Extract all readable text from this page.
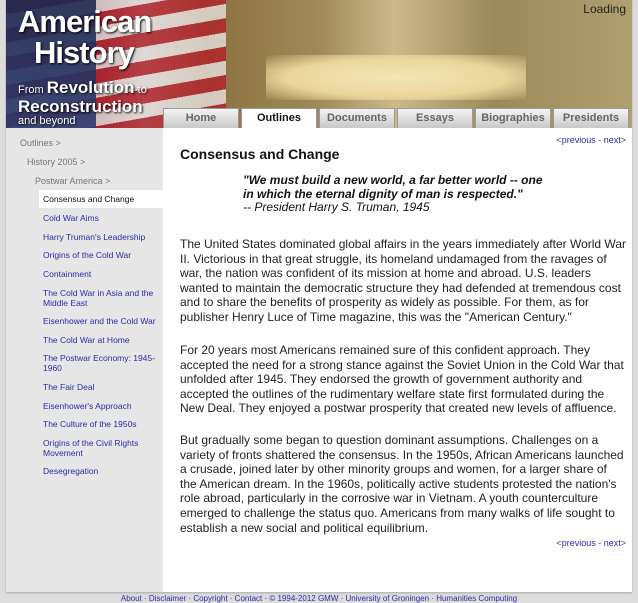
American
History
From Revolution to
Reconstruction
and beyond
Loading
Home	Outlines	Documents	Essays	Biographies	Presidents
Outlines >
History 2005 >
Postwar America >
Consensus and Change
Cold War Aims
Harry Truman's Leadership
Origins of the Cold War
Containment
The Cold War in Asia and the Middle East
Eisenhower and the Cold War
The Cold War at Home
The Postwar Economy: 1945-1960
The Fair Deal
Eisenhower's Approach
The Culture of the 1950s
Origins of the Civil Rights Movement
Desegregation
<previous - next>
Consensus and Change
"We must build a new world, a far better world -- one in which the eternal dignity of man is respected."
-- President Harry S. Truman, 1945

The United States dominated global affairs in the years immediately after World War II. Victorious in that great struggle, its homeland undamaged from the ravages of war, the nation was confident of its mission at home and abroad. U.S. leaders wanted to maintain the democratic structure they had defended at tremendous cost and to share the benefits of prosperity as widely as possible. For them, as for publisher Henry Luce of Time magazine, this was the "American Century."

For 20 years most Americans remained sure of this confident approach. They accepted the need for a strong stance against the Soviet Union in the Cold War that unfolded after 1945. They endorsed the growth of government authority and accepted the outlines of the rudimentary welfare state first formulated during the New Deal. They enjoyed a postwar prosperity that created new levels of affluence.

But gradually some began to question dominant assumptions. Challenges on a variety of fronts shattered the consensus. In the 1950s, African Americans launched a crusade, joined later by other minority groups and women, for a larger share of the American dream. In the 1960s, politically active students protested the nation's role abroad, particularly in the corrosive war in Vietnam. A youth counterculture emerged to challenge the status quo. Americans from many walks of life sought to establish a new social and political equilibrium.

<previous - next>
About · Disclaimer · Copyright · Contact · © 1994-2012 GMW · University of Groningen · Humanities Computing
